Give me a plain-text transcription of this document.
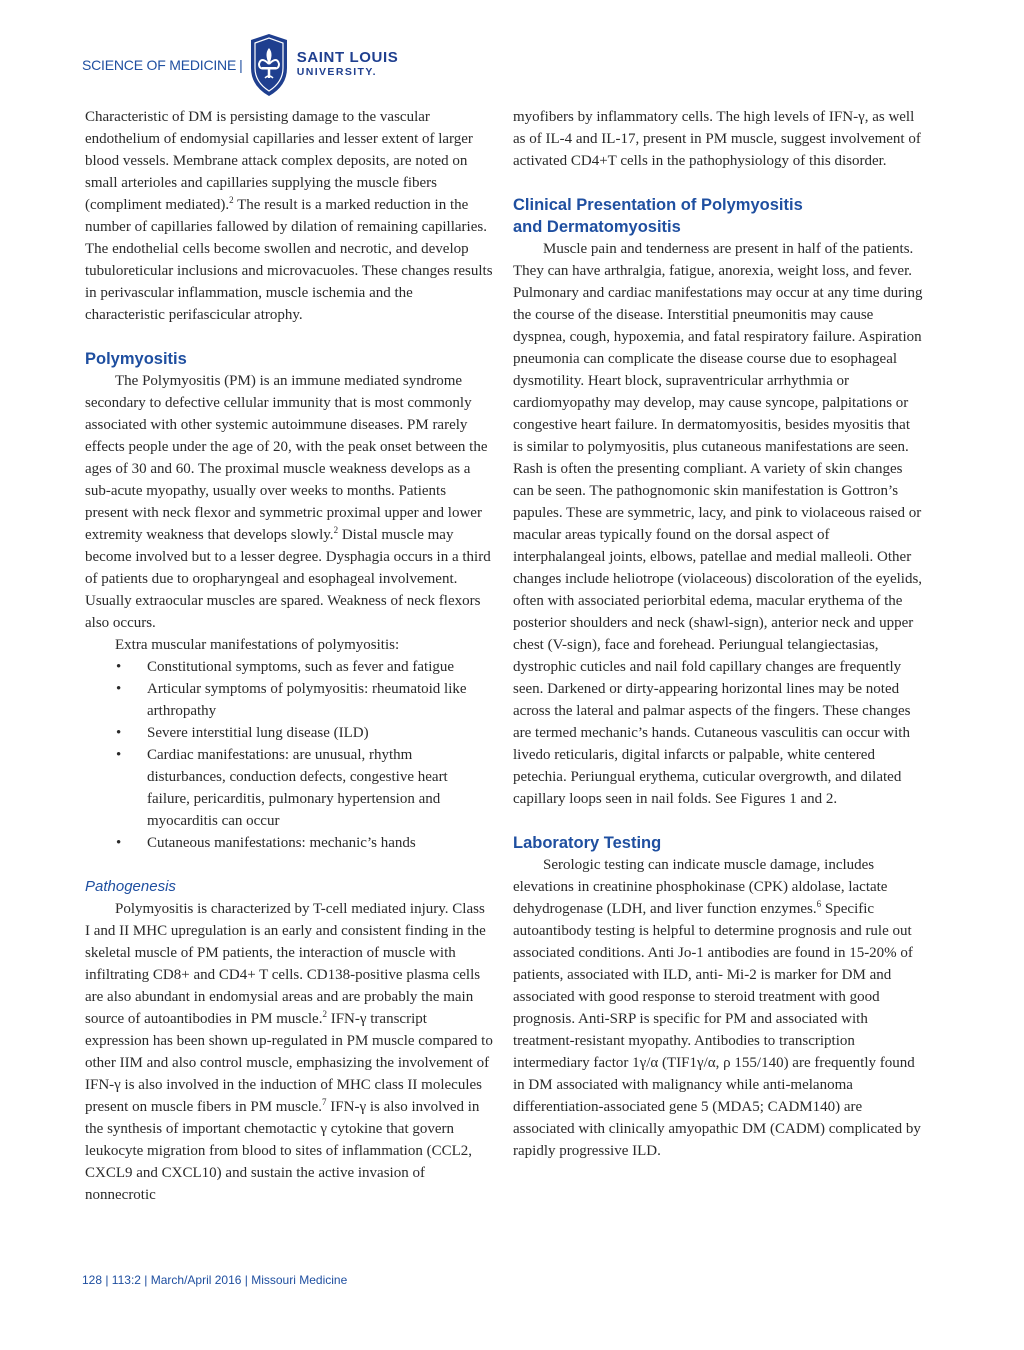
SCIENCE OF MEDICINE |	SAINT LOUIS
UNIVERSITY.

Characteristic of DM is persisting damage to the vascular endothelium of endomysial capillaries and lesser extent of larger blood vessels. Membrane attack complex deposits, are noted on small arterioles and capillaries supplying the muscle fibers (compliment mediated).$^2$ The result is a marked reduction in the number of capillaries fallowed by dilation of remaining capillaries. The endothelial cells become swollen and necrotic, and develop tubuloreticular inclusions and microvacuoles. These changes results in perivascular inflammation, muscle ischemia and the characteristic perifascicular atrophy.

Polymyositis

The Polymyositis (PM) is an immune mediated syndrome secondary to defective cellular immunity that is most commonly associated with other systemic autoimmune diseases. PM rarely effects people under the age of 20, with the peak onset between the ages of 30 and 60. The proximal muscle weakness develops as a sub-acute myopathy, usually over weeks to months. Patients present with neck flexor and symmetric proximal upper and lower extremity weakness that develops slowly.$^2$ Distal muscle may become involved but to a lesser degree. Dysphagia occurs in a third of patients due to oropharyngeal and esophageal involvement. Usually extraocular muscles are spared. Weakness of neck flexors also occurs.

Extra muscular manifestations of polymyositis:

• Constitutional symptoms, such as fever and fatigue
• Articular symptoms of polymyositis: rheumatoid like arthropathy
• Severe interstitial lung disease (ILD)
• Cardiac manifestations: are unusual, rhythm disturbances, conduction defects, congestive heart failure, pericarditis, pulmonary hypertension and myocarditis can occur
• Cutaneous manifestations: mechanic’s hands
Pathogenesis

Polymyositis is characterized by T-cell mediated injury. Class I and II MHC upregulation is an early and consistent finding in the skeletal muscle of PM patients, the interaction of muscle with infiltrating CD8+ and CD4+ T cells. CD138-positive plasma cells are also abundant in endomysial areas and are probably the main source of autoantibodies in PM muscle.$^2$ IFN-γ transcript expression has been shown up-regulated in PM muscle compared to other IIM and also control muscle, emphasizing the involvement of IFN-γ is also involved in the induction of MHC class II molecules present on muscle fibers in PM muscle.$^7$ IFN-γ is also involved in the synthesis of important chemotactic γ cytokine that govern leukocyte migration from blood to sites of inflammation (CCL2, CXCL9 and CXCL10) and sustain the active invasion of nonnecrotic

myofibers by inflammatory cells. The high levels of IFN-γ, as well as of IL-4 and IL-17, present in PM muscle, suggest involvement of activated CD4+T cells in the pathophysiology of this disorder.

Clinical Presentation of Polymyositis
and Dermatomyositis

Muscle pain and tenderness are present in half of the patients. They can have arthralgia, fatigue, anorexia, weight loss, and fever. Pulmonary and cardiac manifestations may occur at any time during the course of the disease. Interstitial pneumonitis may cause dyspnea, cough, hypoxemia, and fatal respiratory failure. Aspiration pneumonia can complicate the disease course due to esophageal dysmotility. Heart block, supraventricular arrhythmia or cardiomyopathy may develop, may cause syncope, palpitations or congestive heart failure. In dermatomyositis, besides myositis that is similar to polymyositis, plus cutaneous manifestations are seen. Rash is often the presenting compliant. A variety of skin changes can be seen. The pathognomonic skin manifestation is Gottron’s papules. These are symmetric, lacy, and pink to violaceous raised or macular areas typically found on the dorsal aspect of interphalangeal joints, elbows, patellae and medial malleoli. Other changes include heliotrope (violaceous) discoloration of the eyelids, often with associated periorbital edema, macular erythema of the posterior shoulders and neck (shawl-sign), anterior neck and upper chest (V-sign), face and forehead. Periungual telangiectasias, dystrophic cuticles and nail fold capillary changes are frequently seen. Darkened or dirty-appearing horizontal lines may be noted across the lateral and palmar aspects of the fingers. These changes are termed mechanic’s hands. Cutaneous vasculitis can occur with livedo reticularis, digital infarcts or palpable, white centered petechia. Periungual erythema, cuticular overgrowth, and dilated capillary loops seen in nail folds. See Figures 1 and 2.

Laboratory Testing

Serologic testing can indicate muscle damage, includes elevations in creatinine phosphokinase (CPK) aldolase, lactate dehydrogenase (LDH, and liver function enzymes.$^6$ Specific autoantibody testing is helpful to determine prognosis and rule out associated conditions. Anti Jo-1 antibodies are found in 15-20% of patients, associated with ILD, anti- Mi-2 is marker for DM and associated with good response to steroid treatment with good prognosis. Anti-SRP is specific for PM and associated with treatment-resistant myopathy. Antibodies to transcription intermediary factor 1γ/α (TIF1γ/α, ρ 155/140) are frequently found in DM associated with malignancy while anti-melanoma differentiation-associated gene 5 (MDA5; CADM140) are associated with clinically amyopathic DM (CADM) complicated by rapidly progressive ILD.

128 | 113:2 | March/April 2016 | Missouri Medicine
